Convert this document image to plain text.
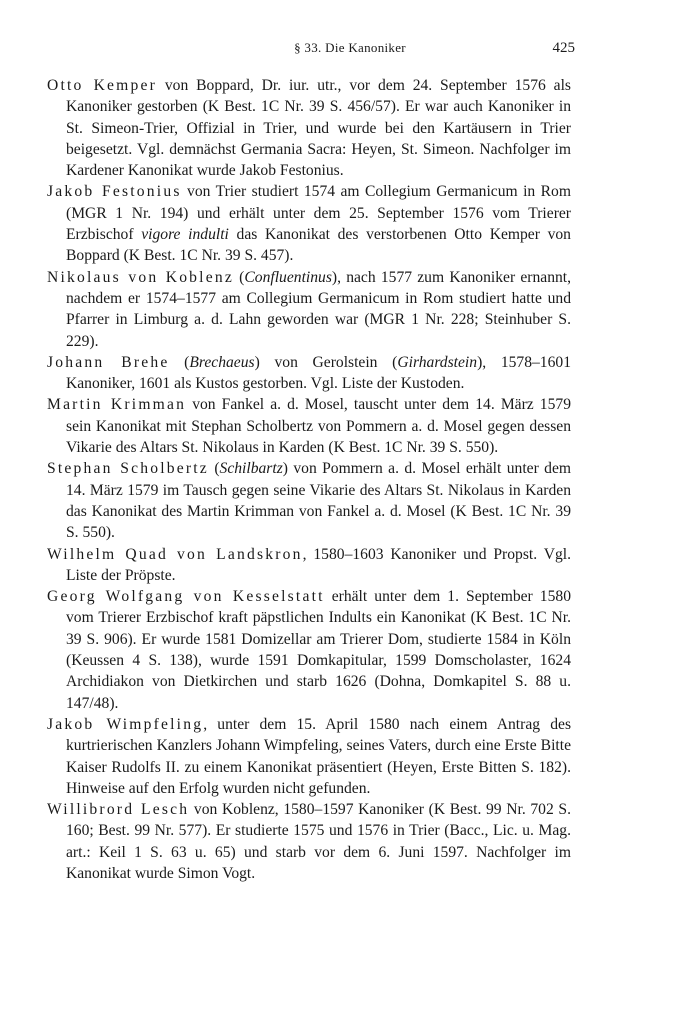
§ 33. Die Kanoniker	425

Otto Kemper von Boppard, Dr. iur. utr., vor dem 24. September 1576 als Kanoniker gestorben (K Best. 1C Nr. 39 S. 456/57). Er war auch Kanoniker in St. Simeon-Trier, Offizial in Trier, und wurde bei den Kartäusern in Trier beigesetzt. Vgl. demnächst Germania Sacra: Heyen, St. Simeon. Nachfolger im Kardener Kanonikat wurde Jakob Festonius.

Jakob Festonius von Trier studiert 1574 am Collegium Germanicum in Rom (MGR 1 Nr. 194) und erhält unter dem 25. September 1576 vom Trierer Erzbischof vigore indulti das Kanonikat des verstorbenen Otto Kemper von Boppard (K Best. 1C Nr. 39 S. 457).

Nikolaus von Koblenz (Confluentinus), nach 1577 zum Kanoniker ernannt, nachdem er 1574–1577 am Collegium Germanicum in Rom studiert hatte und Pfarrer in Limburg a. d. Lahn geworden war (MGR 1 Nr. 228; Steinhuber S. 229).

Johann Brehe (Brechaeus) von Gerolstein (Girhardstein), 1578–1601 Kanoniker, 1601 als Kustos gestorben. Vgl. Liste der Kustoden.

Martin Krimman von Fankel a. d. Mosel, tauscht unter dem 14. März 1579 sein Kanonikat mit Stephan Scholbertz von Pommern a. d. Mosel gegen dessen Vikarie des Altars St. Nikolaus in Karden (K Best. 1C Nr. 39 S. 550).

Stephan Scholbertz (Schilbartz) von Pommern a. d. Mosel erhält unter dem 14. März 1579 im Tausch gegen seine Vikarie des Altars St. Nikolaus in Karden das Kanonikat des Martin Krimman von Fankel a. d. Mosel (K Best. 1C Nr. 39 S. 550).

Wilhelm Quad von Landskron, 1580–1603 Kanoniker und Propst. Vgl. Liste der Pröpste.

Georg Wolfgang von Kesselstatt erhält unter dem 1. September 1580 vom Trierer Erzbischof kraft päpstlichen Indults ein Kanonikat (K Best. 1C Nr. 39 S. 906). Er wurde 1581 Domizellar am Trierer Dom, studierte 1584 in Köln (Keussen 4 S. 138), wurde 1591 Domkapitular, 1599 Domscholaster, 1624 Archidiakon von Dietkirchen und starb 1626 (Dohna, Domkapitel S. 88 u. 147/48).

Jakob Wimpfeling, unter dem 15. April 1580 nach einem Antrag des kurtrierischen Kanzlers Johann Wimpfeling, seines Vaters, durch eine Erste Bitte Kaiser Rudolfs II. zu einem Kanonikat präsentiert (Heyen, Erste Bitten S. 182). Hinweise auf den Erfolg wurden nicht gefunden.

Willibrord Lesch von Koblenz, 1580–1597 Kanoniker (K Best. 99 Nr. 702 S. 160; Best. 99 Nr. 577). Er studierte 1575 und 1576 in Trier (Bacc., Lic. u. Mag. art.: Keil 1 S. 63 u. 65) und starb vor dem 6. Juni 1597. Nachfolger im Kanonikat wurde Simon Vogt.
